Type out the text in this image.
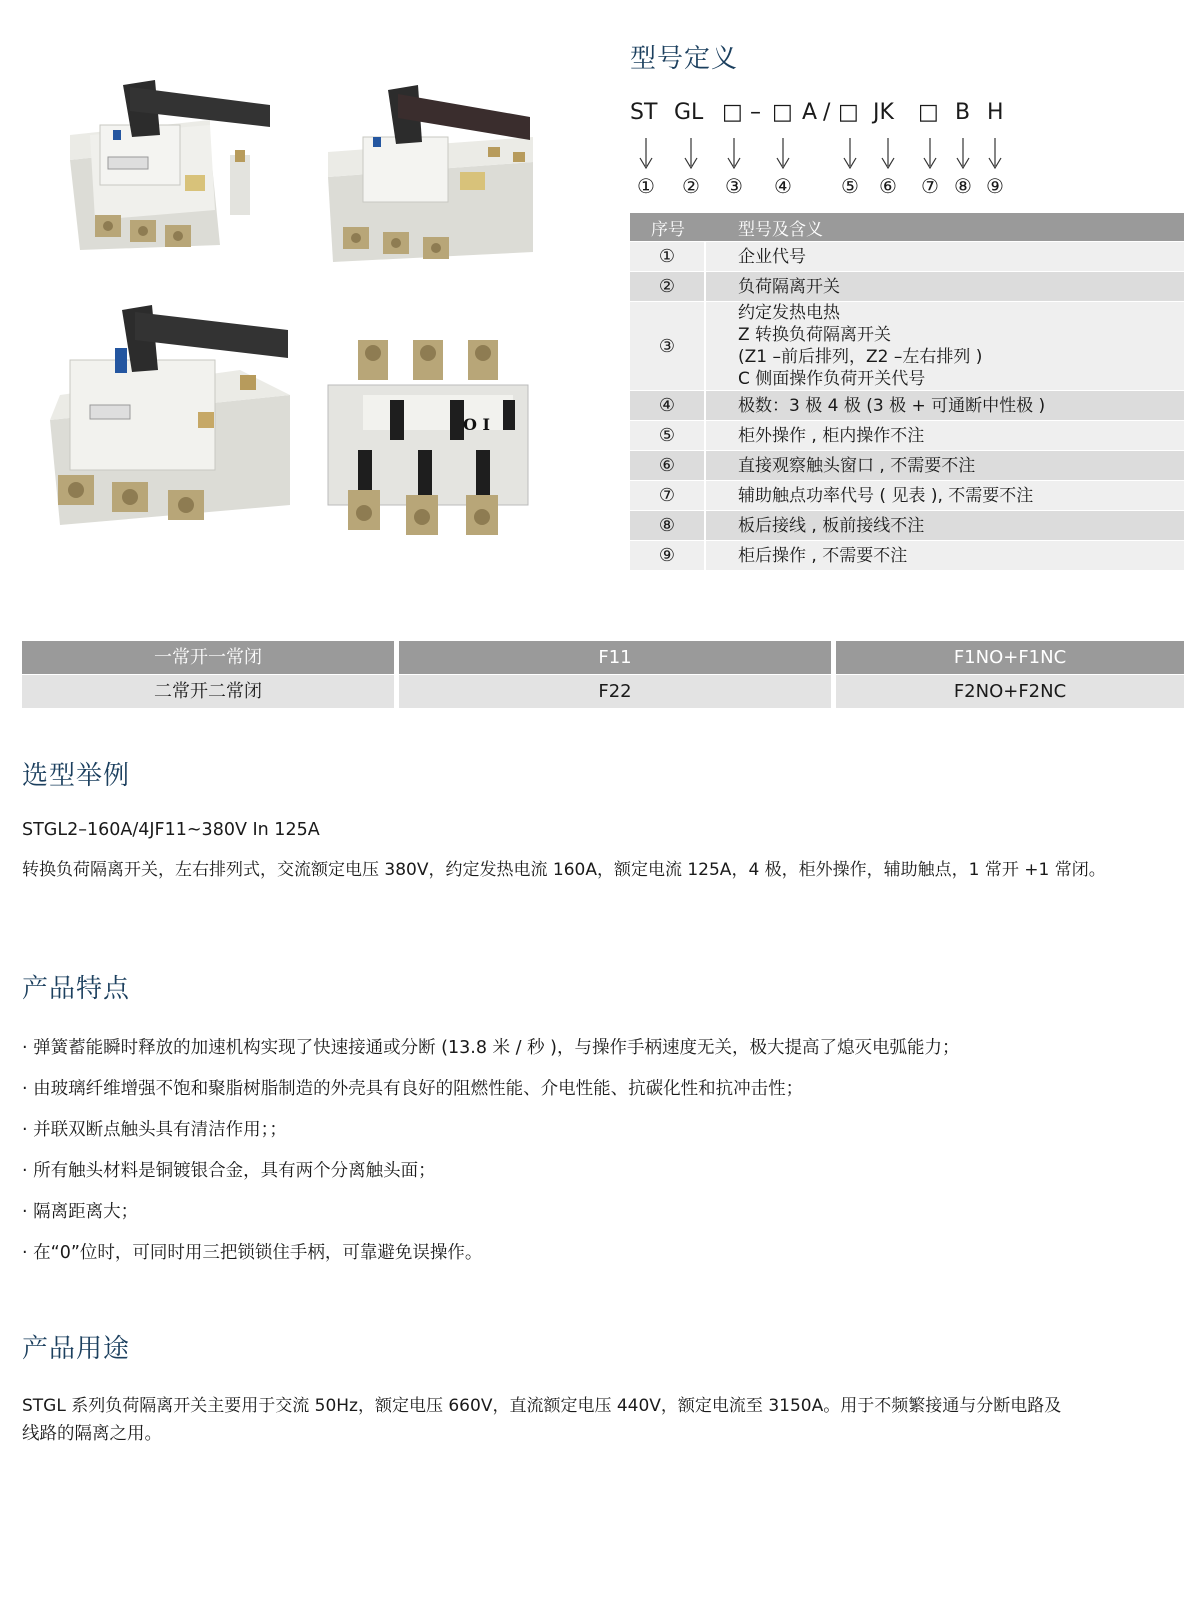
O I
型号定义
ST GL □ – □ A / □ JK □ B H
① ② ③ ④ ⑤ ⑥ ⑦ ⑧ ⑨
序号	型号及含义
①	企业代号
②	负荷隔离开关
③	约定发热电热
Z 转换负荷隔离开关
(Z1 –前后排列，Z2 –左右排列 )
C 侧面操作负荷开关代号

④	极数：3 极 4 极 (3 极 + 可通断中性极 )
⑤	柜外操作 , 柜内操作不注
⑥	直接观察触头窗口 , 不需要不注
⑦	辅助触点功率代号 ( 见表 ), 不需要不注
⑧	板后接线 , 板前接线不注
⑨	柜后操作 , 不需要不注
一常开一常闭	F11	F1NO+F1NC
二常开二常闭	F22	F2NO+F2NC
选型举例
STGL2–160A/4JF11~380V In 125A
转换负荷隔离开关，左右排列式，交流额定电压 380V，约定发热电流 160A，额定电流 125A，4 极，柜外操作，辅助触点，1 常开 +1 常闭。
产品特点
· 弹簧蓄能瞬时释放的加速机构实现了快速接通或分断 (13.8 米 / 秒 )，与操作手柄速度无关，极大提高了熄灭电弧能力；
· 由玻璃纤维增强不饱和聚脂树脂制造的外壳具有良好的阻燃性能、介电性能、抗碳化性和抗冲击性；
· 并联双断点触头具有清洁作用；；
· 所有触头材料是铜镀银合金，具有两个分离触头面；
· 隔离距离大；
· 在“0”位时，可同时用三把锁锁住手柄，可靠避免误操作。
产品用途
STGL 系列负荷隔离开关主要用于交流 50Hz，额定电压 660V，直流额定电压 440V，额定电流至 3150A。用于不频繁接通与分断电路及
线路的隔离之用。
